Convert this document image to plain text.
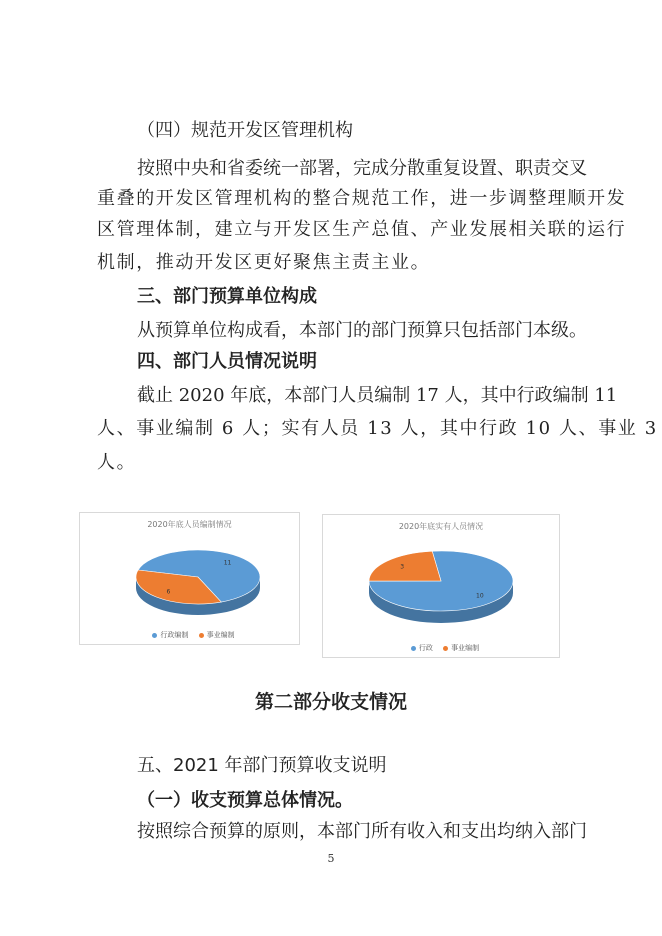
（四）规范开发区管理机构
按照中央和省委统一部署，完成分散重复设置、职责交叉
重叠的开发区管理机构的整合规范工作，进一步调整理顺开发
区管理体制，建立与开发区生产总值、产业发展相关联的运行
机制，推动开发区更好聚焦主责主业。
三、部门预算单位构成
从预算单位构成看，本部门的部门预算只包括部门本级。
四、部门人员情况说明
截止 2020 年底，本部门人员编制 17 人，其中行政编制 11
人、事业编制 6 人；实有人员 13 人，其中行政 10 人、事业 3
人。
2020年底人员编制情况
11
6
行政编制	事业编制
2020年底实有人员情况
10
3
行政	事业编制
第二部分收支情况
五、2021 年部门预算收支说明
（一）收支预算总体情况。
按照综合预算的原则，本部门所有收入和支出均纳入部门
5
